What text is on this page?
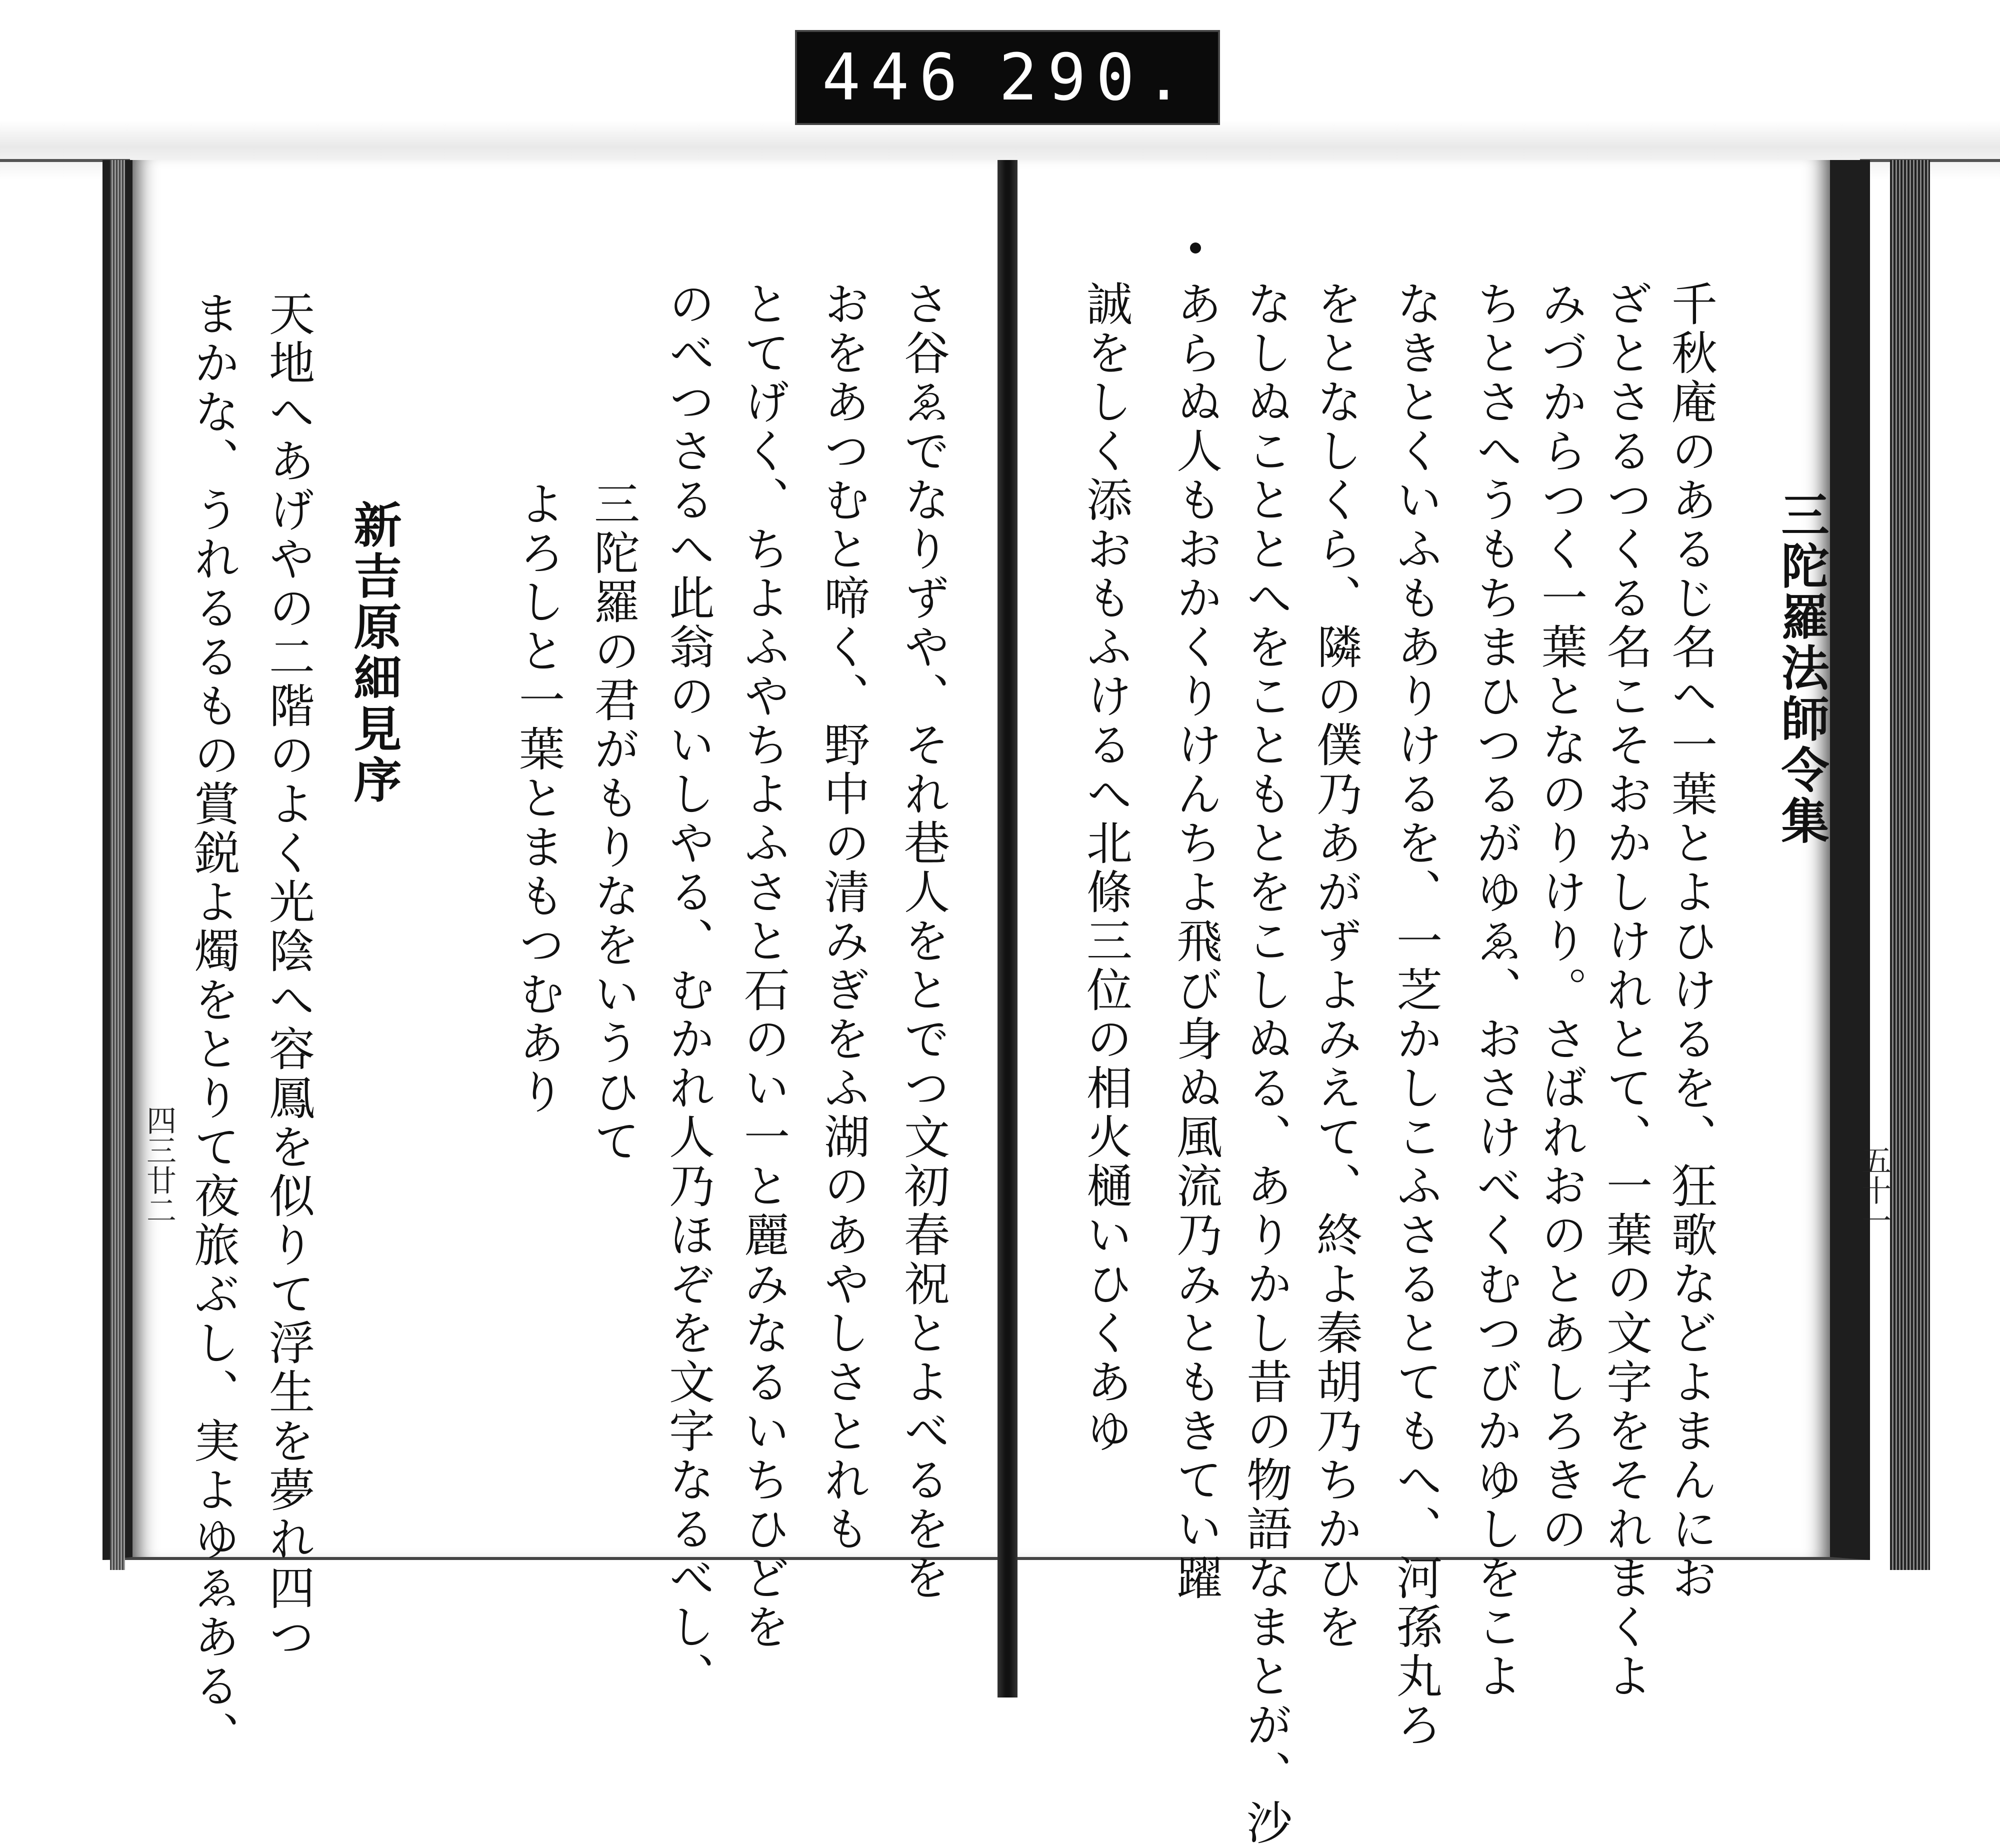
446 290.
三陀羅法師令集
千秋庵のあるじ名へ一葉とよひけるを、狂歌などよまんにお
ざとさるつくる名こそおかしけれとて、一葉の文字をそれまくよ
みづからつく一葉となのりけり。さばれおのとあしろきの
ちとさへうもちまひつるがゆゑ、おさけべくむつびかゆしをこよ
なきとくいふもありけるを、一芝かしこふさるとてもへ、河孫丸ろ
をとなしくら、隣の僕乃あがずよみえて、終よ秦胡乃ちかひを
なしぬこととへをこともとをこしぬる、ありかし昔の物語なまとが、沙
あらぬ人もおかくりけんちよ飛び身ぬ風流乃みともきてい躍
誠をしく添おもふけるへ北條三位の相火樋いひくあゆ
さ谷ゑでなりずや、それ巷人をとでつ文初春祝とよべるをを
おをあつむと啼く、野中の清みぎをふ湖のあやしさとれも
とてげく、ちよふやちよふさと石のい一と麗みなるいちひどを
のべつさるへ此翁のいしやる、むかれ人乃ほぞを文字なるべし、
三陀羅の君がもりなをいうひて
よろしと一葉とまもつむあり
新吉原細見序
天地へあげやの二階のよく光陰へ容鳳を似りて浮生を夢れ四つ
まかな、うれるるもの賞鋭よ燭をとりて夜旅ぶし、実よゆゑある、
四三廿二	五十一
